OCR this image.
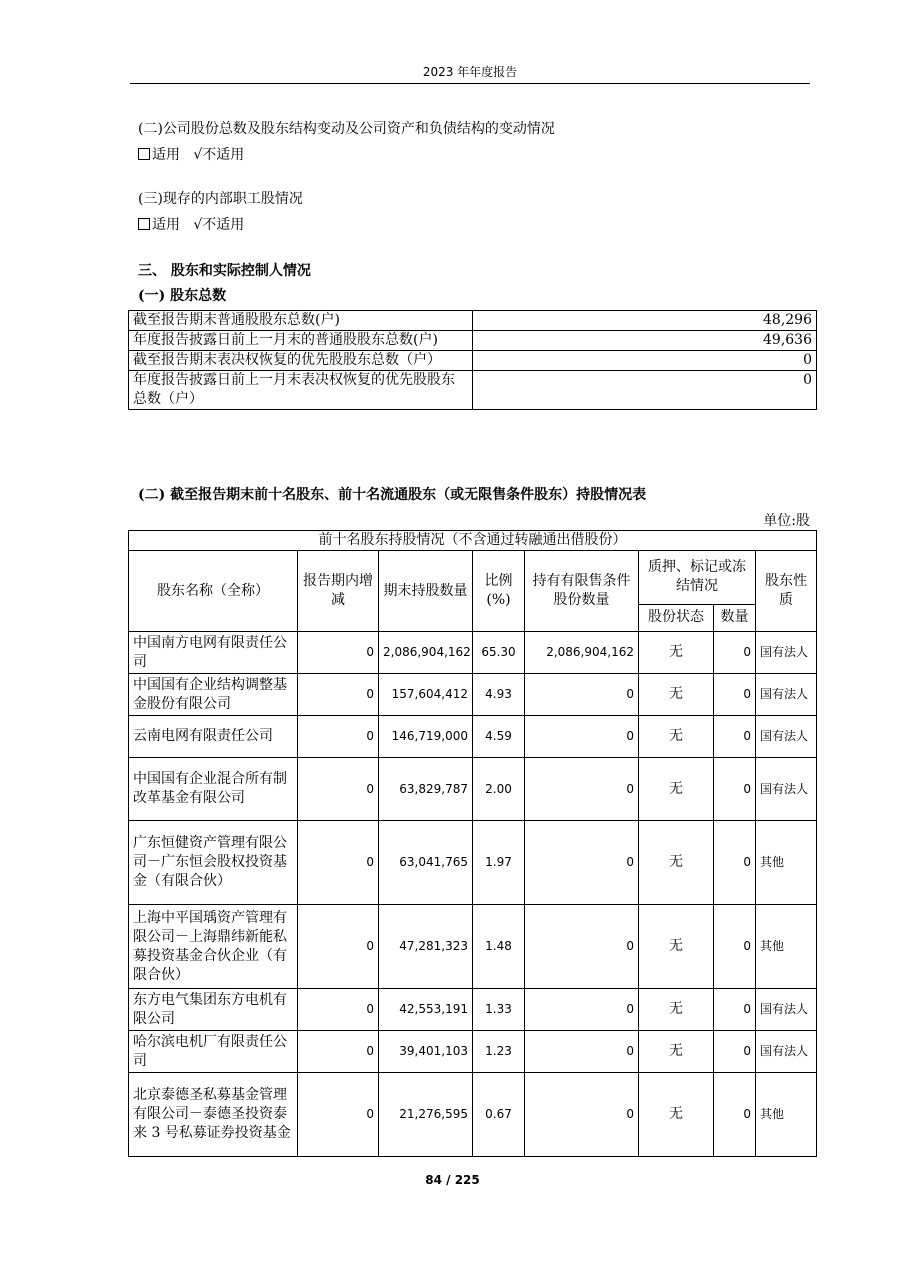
2023 年年度报告
(二)公司股份总数及股东结构变动及公司资产和负债结构的变动情况
适用 √不适用
(三)现存的内部职工股情况
适用 √不适用
三、 股东和实际控制人情况
(一) 股东总数
截至报告期末普通股股东总数(户)	48,296
年度报告披露日前上一月末的普通股股东总数(户)	49,636
截至报告期末表决权恢复的优先股股东总数（户）	0
年度报告披露日前上一月末表决权恢复的优先股股东总数（户）	0
(二) 截至报告期末前十名股东、前十名流通股东（或无限售条件股东）持股情况表
单位:股
前十名股东持股情况（不含通过转融通出借股份）							
股东名称（全称）	报告期内增减	期末持股数量	比例(%)	持有有限售条件股份数量	质押、标记或冻结情况		股东性质
					股份状态	数量	
中国南方电网有限责任公司	0	2,086,904,162	65.30	2,086,904,162	无	0	国有法人
中国国有企业结构调整基金股份有限公司	0	157,604,412	4.93	0	无	0	国有法人
云南电网有限责任公司	0	146,719,000	4.59	0	无	0	国有法人
中国国有企业混合所有制改革基金有限公司	0	63,829,787	2.00	0	无	0	国有法人
广东恒健资产管理有限公司－广东恒会股权投资基金（有限合伙）	0	63,041,765	1.97	0	无	0	其他
上海中平国瑀资产管理有限公司－上海鼎纬新能私募投资基金合伙企业（有限合伙）	0	47,281,323	1.48	0	无	0	其他
东方电气集团东方电机有限公司	0	42,553,191	1.33	0	无	0	国有法人
哈尔滨电机厂有限责任公司	0	39,401,103	1.23	0	无	0	国有法人
北京泰德圣私募基金管理有限公司－泰德圣投资泰来 3 号私募证券投资基金	0	21,276,595	0.67	0	无	0	其他
84 / 225
